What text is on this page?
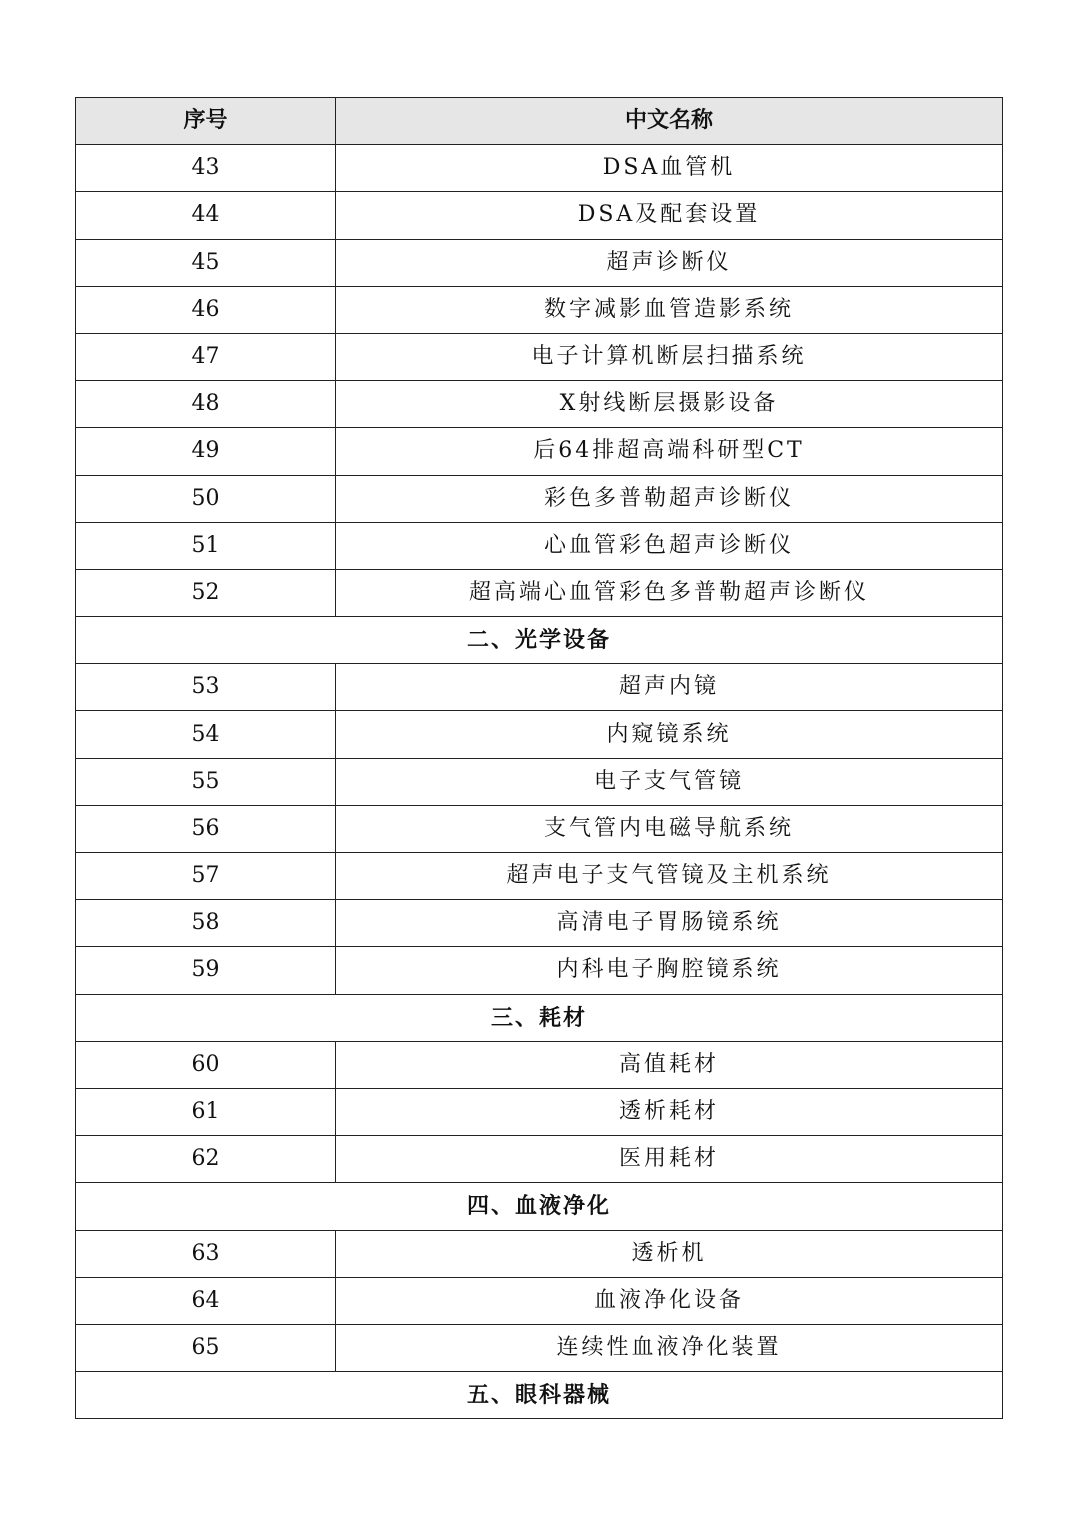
序号	中文名称
43	DSA血管机
44	DSA及配套设置
45	超声诊断仪
46	数字减影血管造影系统
47	电子计算机断层扫描系统
48	X射线断层摄影设备
49	后64排超高端科研型CT
50	彩色多普勒超声诊断仪
51	心血管彩色超声诊断仪
52	超高端心血管彩色多普勒超声诊断仪
二、光学设备	
53	超声内镜
54	内窥镜系统
55	电子支气管镜
56	支气管内电磁导航系统
57	超声电子支气管镜及主机系统
58	高清电子胃肠镜系统
59	内科电子胸腔镜系统
三、耗材	
60	高值耗材
61	透析耗材
62	医用耗材
四、血液净化	
63	透析机
64	血液净化设备
65	连续性血液净化装置
五、眼科器械	
